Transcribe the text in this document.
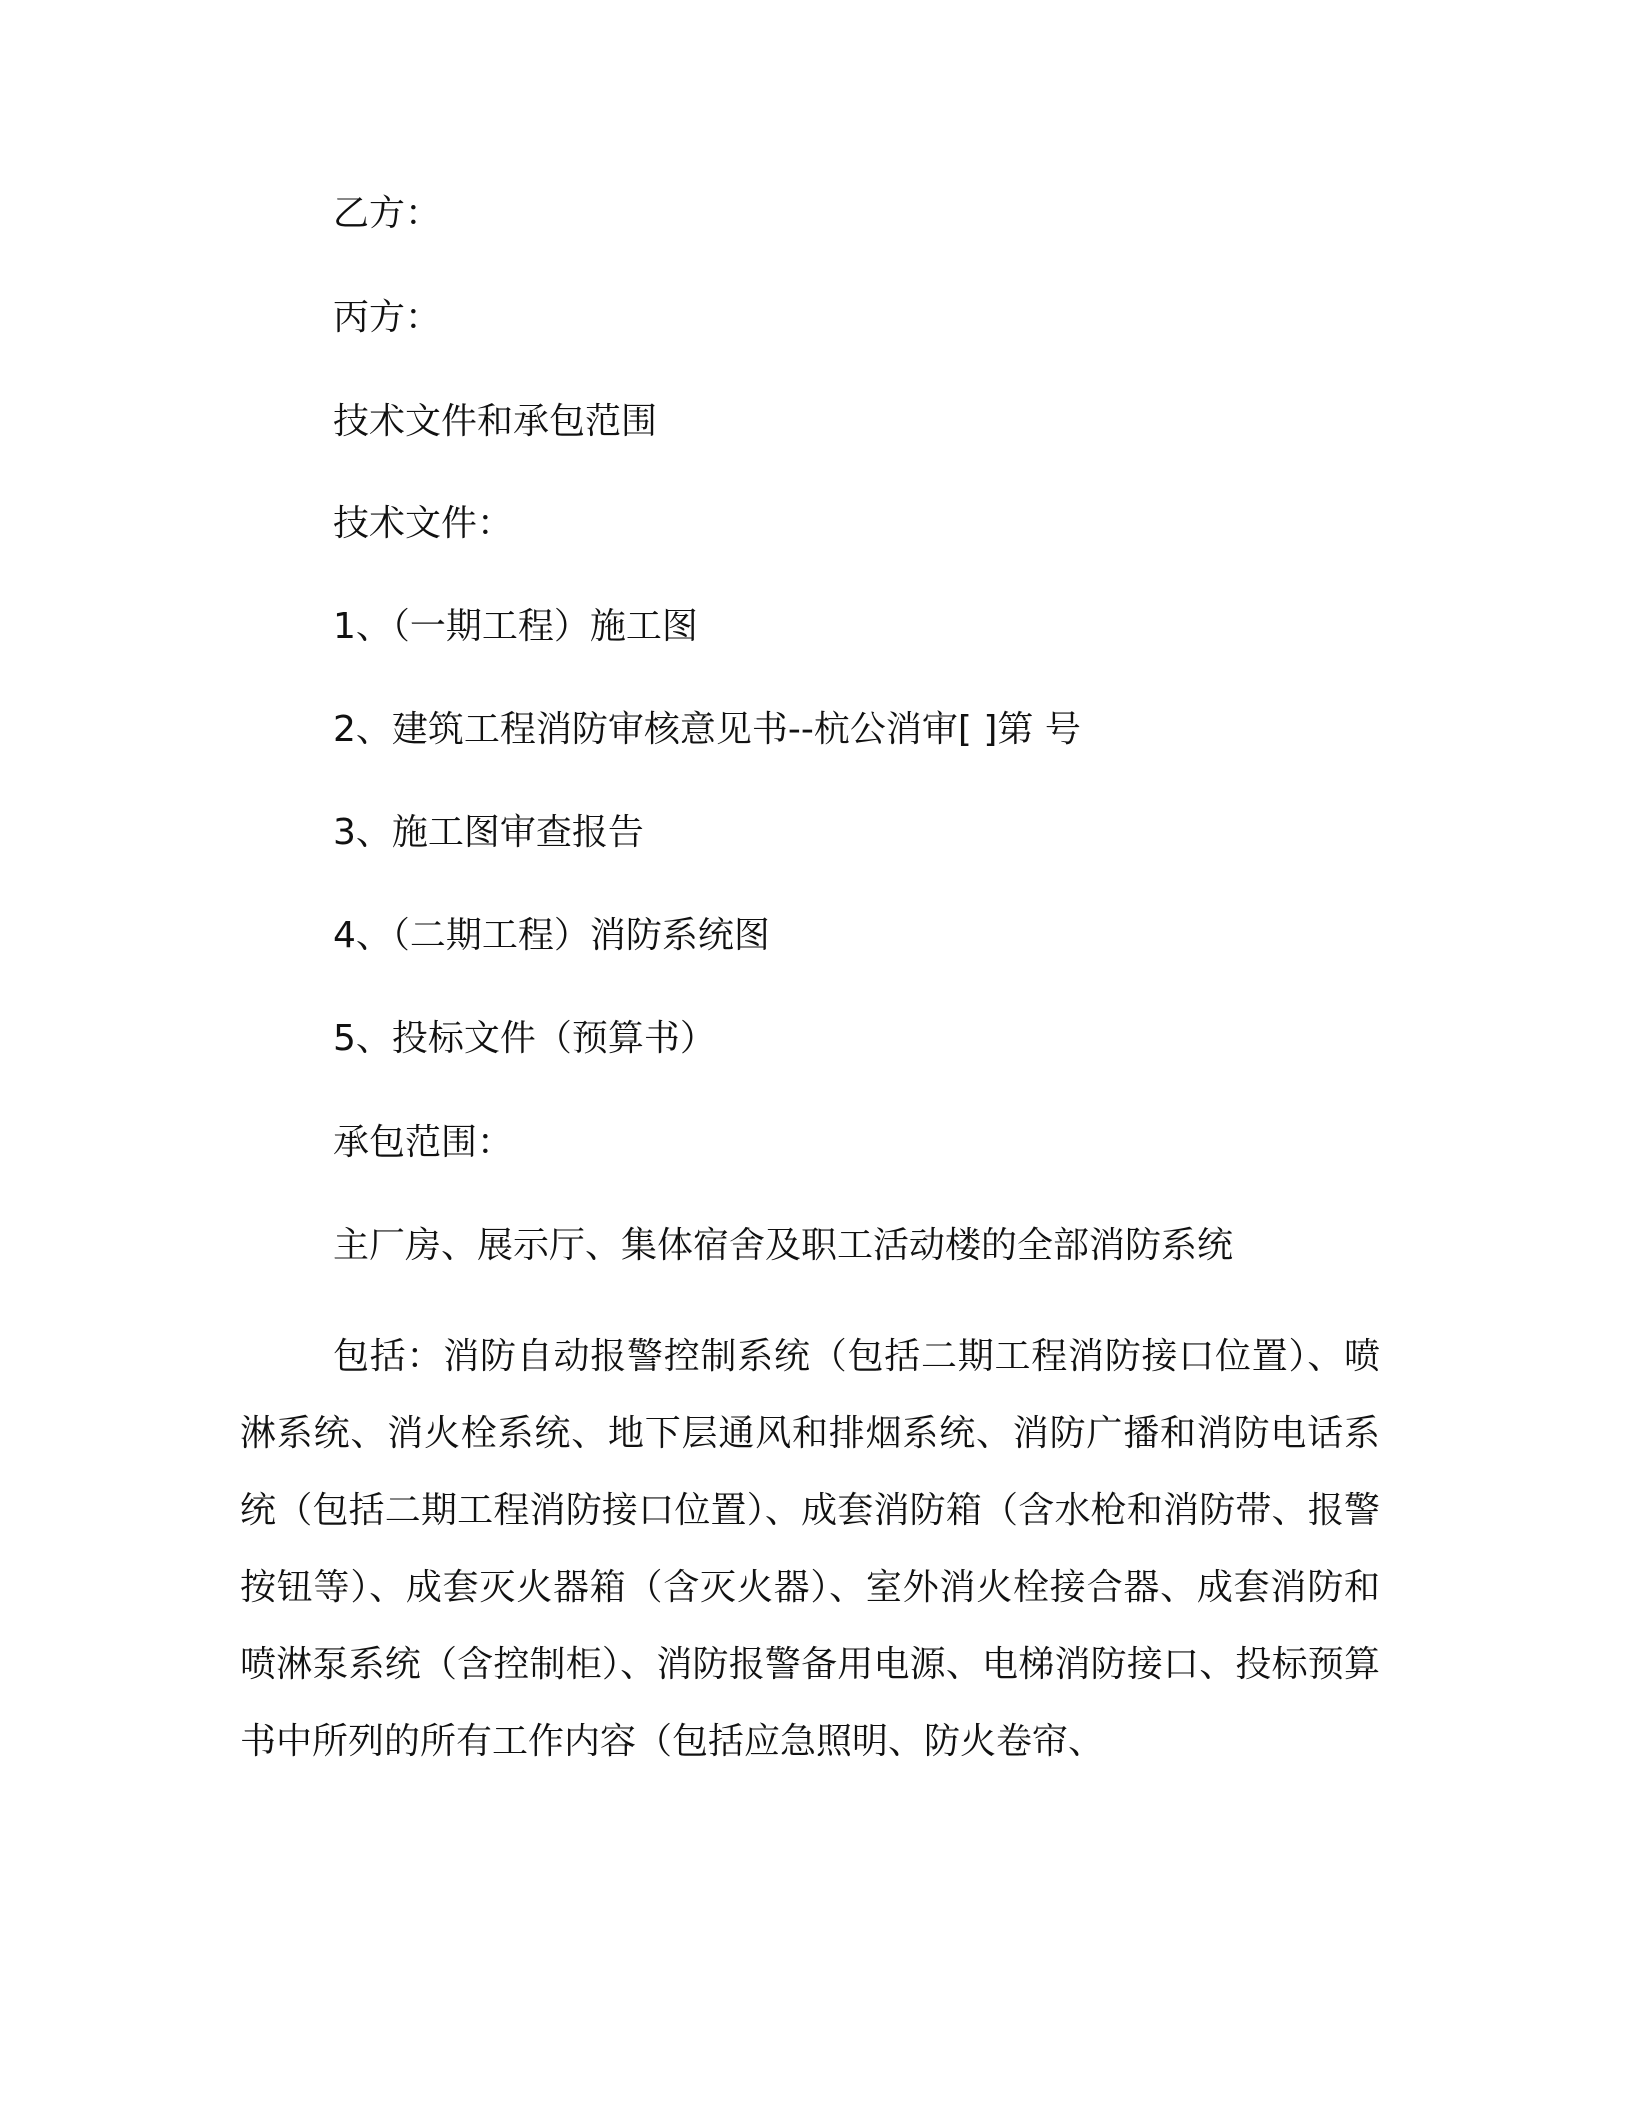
乙方：
丙方：
技术文件和承包范围
技术文件：
1、（一期工程）施工图
2、建筑工程消防审核意见书--杭公消审[ ]第 号
3、施工图审查报告
4、（二期工程）消防系统图
5、投标文件（预算书）
承包范围：
主厂房、展示厅、集体宿舍及职工活动楼的全部消防系统

包括：消防自动报警控制系统（包括二期工程消防接口位置）、喷淋系统、消火栓系统、地下层通风和排烟系统、消防广播和消防电话系统（包括二期工程消防接口位置）、成套消防箱（含水枪和消防带、报警按钮等）、成套灭火器箱（含灭火器）、室外消火栓接合器、成套消防和喷淋泵系统（含控制柜）、消防报警备用电源、电梯消防接口、投标预算书中所列的所有工作内容（包括应急照明、防火卷帘、
